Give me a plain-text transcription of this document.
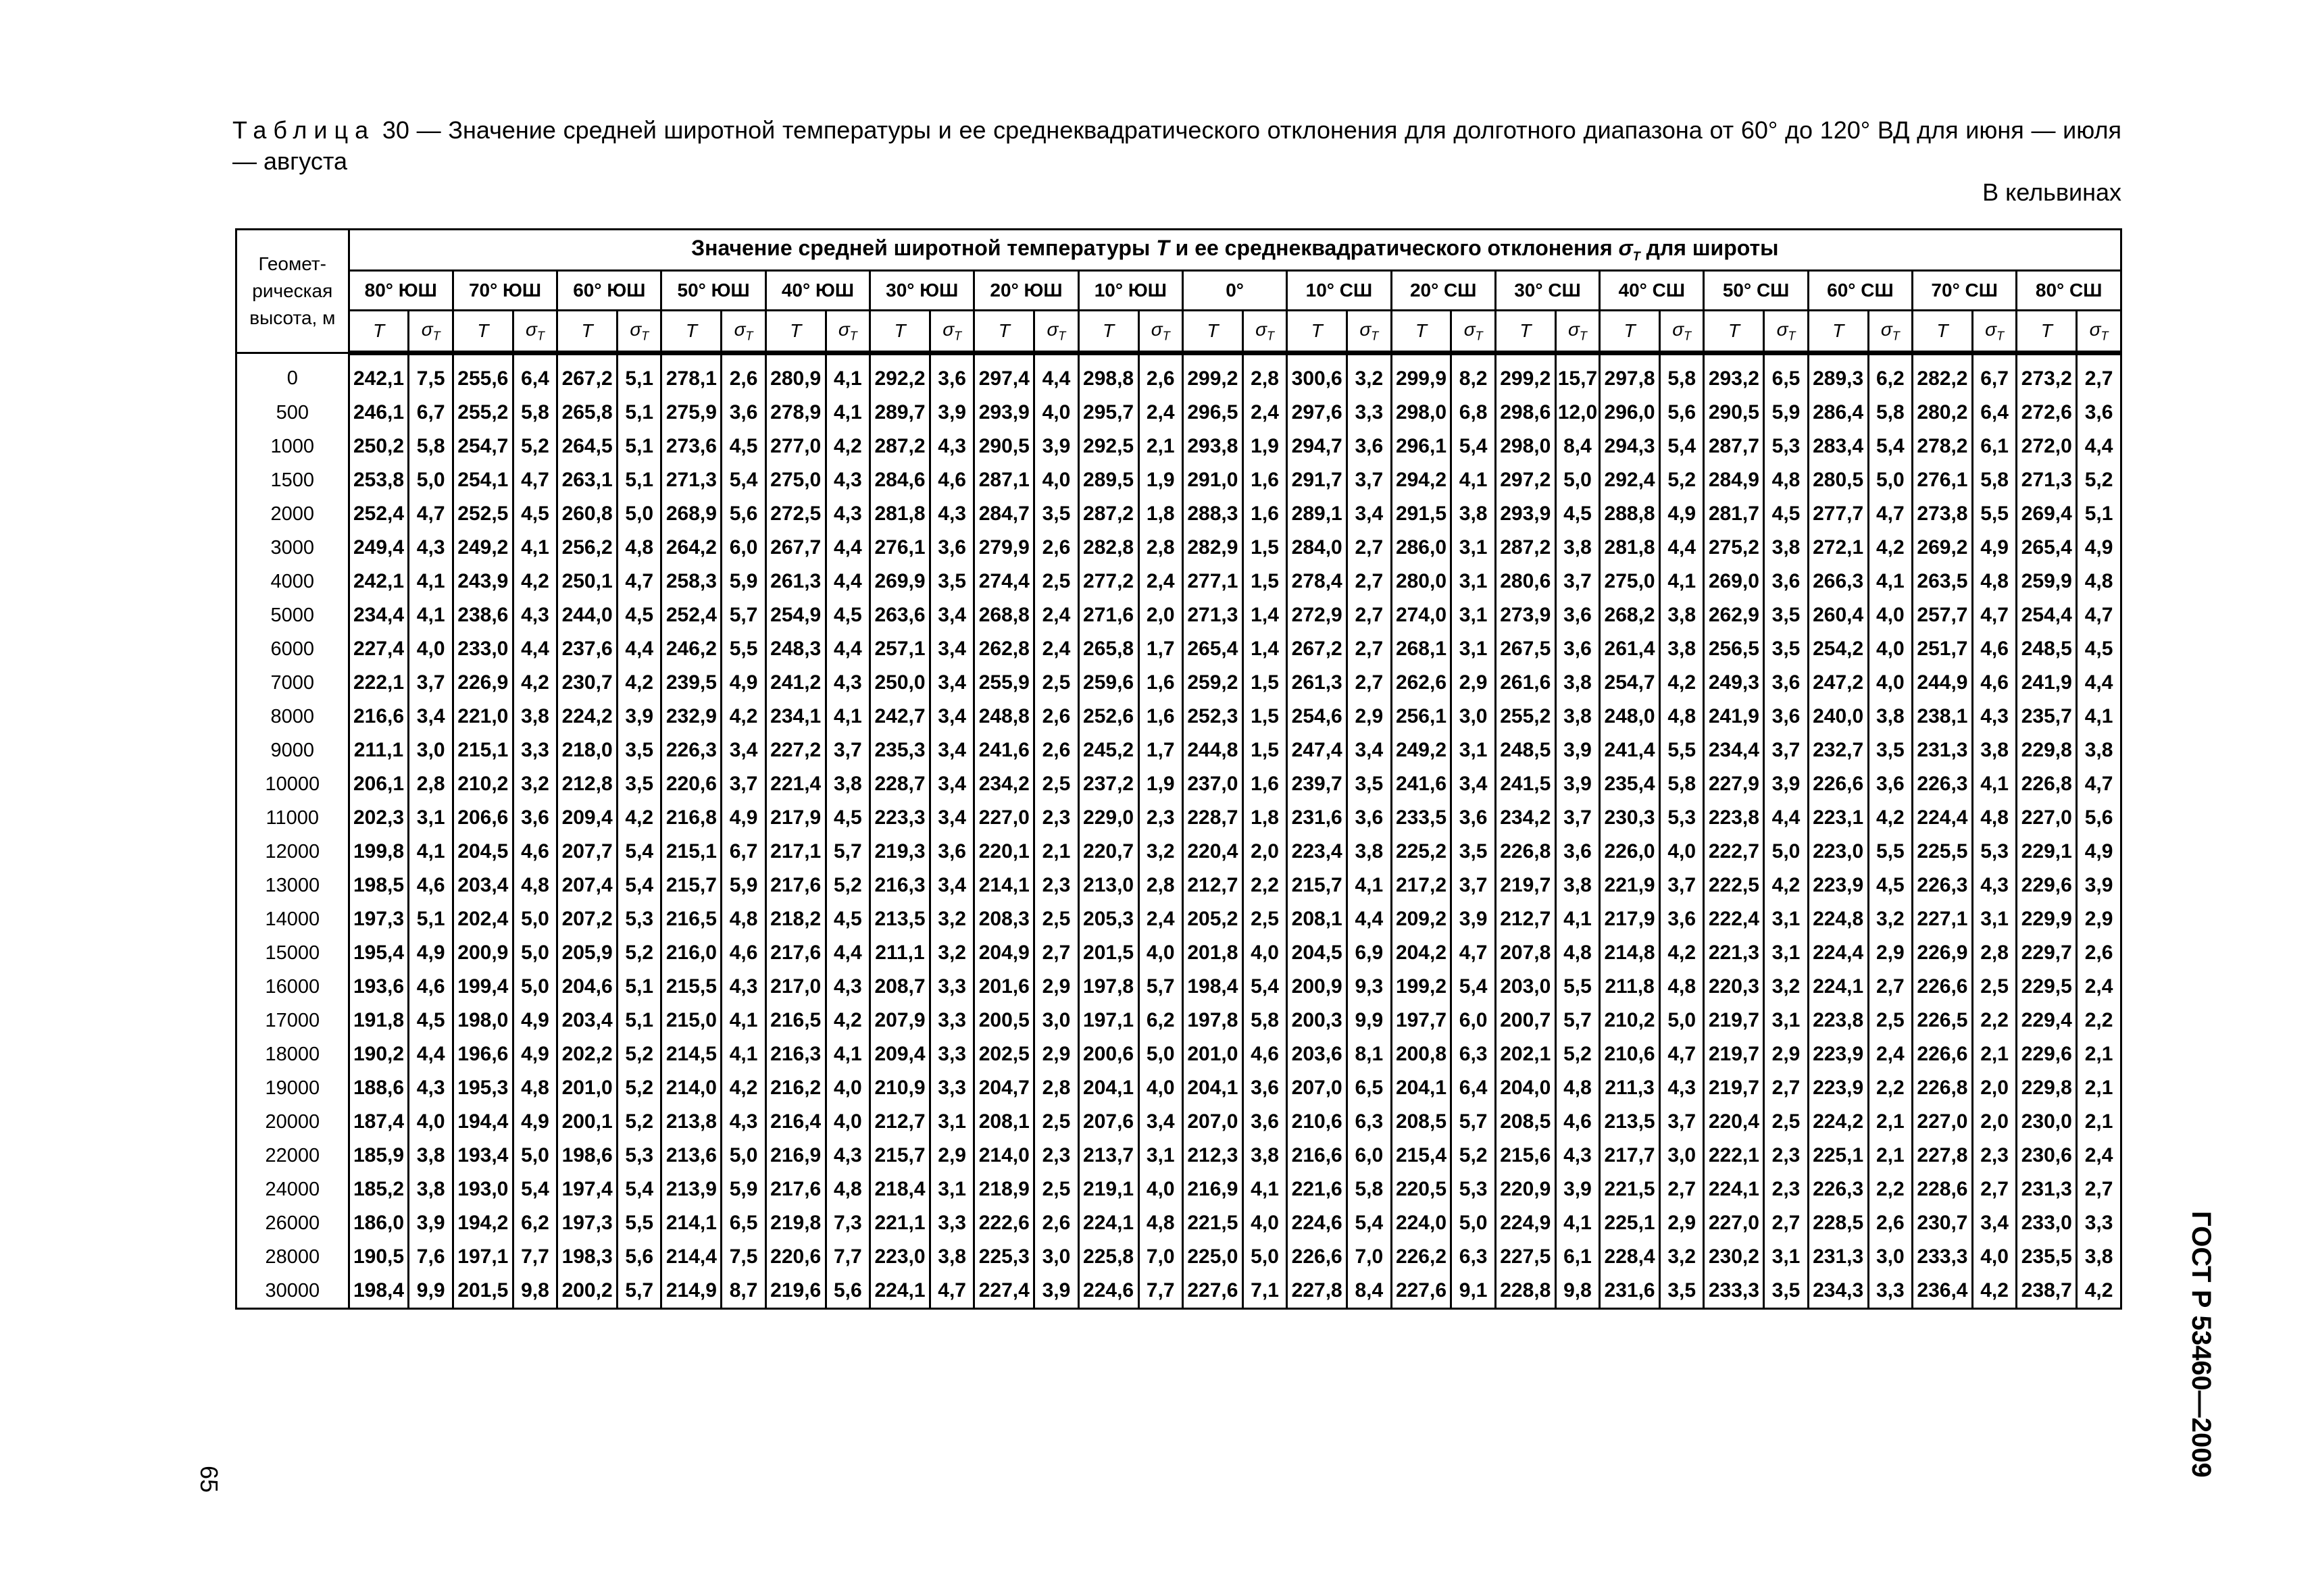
Таблица 30 — Значение средней широтной температуры и ее среднеквадратического отклонения для долготного диапазона от 60° до 120° ВД для июня — июля — августа
В кельвинах
Геомет-рическая высота, м	Значение средней широтной температуры T и ее среднеквадратического отклонения $\sigma_T$ для широты																																	
	80° ЮШ		70° ЮШ		60° ЮШ		50° ЮШ		40° ЮШ		30° ЮШ		20° ЮШ		10° ЮШ		0°		10° СШ		20° СШ		30° СШ		40° СШ		50° СШ		60° СШ		70° СШ		80° СШ	
	T	$\sigma_T$	T	$\sigma_T$	T	$\sigma_T$	T	$\sigma_T$	T	$\sigma_T$	T	$\sigma_T$	T	$\sigma_T$	T	$\sigma_T$	T	$\sigma_T$	T	$\sigma_T$	T	$\sigma_T$	T	$\sigma_T$	T	$\sigma_T$	T	$\sigma_T$	T	$\sigma_T$	T	$\sigma_T$	T	$\sigma_T$
0	242,1	7,5	255,6	6,4	267,2	5,1	278,1	2,6	280,9	4,1	292,2	3,6	297,4	4,4	298,8	2,6	299,2	2,8	300,6	3,2	299,9	8,2	299,2	15,7	297,8	5,8	293,2	6,5	289,3	6,2	282,2	6,7	273,2	2,7
500	246,1	6,7	255,2	5,8	265,8	5,1	275,9	3,6	278,9	4,1	289,7	3,9	293,9	4,0	295,7	2,4	296,5	2,4	297,6	3,3	298,0	6,8	298,6	12,0	296,0	5,6	290,5	5,9	286,4	5,8	280,2	6,4	272,6	3,6
1000	250,2	5,8	254,7	5,2	264,5	5,1	273,6	4,5	277,0	4,2	287,2	4,3	290,5	3,9	292,5	2,1	293,8	1,9	294,7	3,6	296,1	5,4	298,0	8,4	294,3	5,4	287,7	5,3	283,4	5,4	278,2	6,1	272,0	4,4
1500	253,8	5,0	254,1	4,7	263,1	5,1	271,3	5,4	275,0	4,3	284,6	4,6	287,1	4,0	289,5	1,9	291,0	1,6	291,7	3,7	294,2	4,1	297,2	5,0	292,4	5,2	284,9	4,8	280,5	5,0	276,1	5,8	271,3	5,2
2000	252,4	4,7	252,5	4,5	260,8	5,0	268,9	5,6	272,5	4,3	281,8	4,3	284,7	3,5	287,2	1,8	288,3	1,6	289,1	3,4	291,5	3,8	293,9	4,5	288,8	4,9	281,7	4,5	277,7	4,7	273,8	5,5	269,4	5,1
3000	249,4	4,3	249,2	4,1	256,2	4,8	264,2	6,0	267,7	4,4	276,1	3,6	279,9	2,6	282,8	2,8	282,9	1,5	284,0	2,7	286,0	3,1	287,2	3,8	281,8	4,4	275,2	3,8	272,1	4,2	269,2	4,9	265,4	4,9
4000	242,1	4,1	243,9	4,2	250,1	4,7	258,3	5,9	261,3	4,4	269,9	3,5	274,4	2,5	277,2	2,4	277,1	1,5	278,4	2,7	280,0	3,1	280,6	3,7	275,0	4,1	269,0	3,6	266,3	4,1	263,5	4,8	259,9	4,8
5000	234,4	4,1	238,6	4,3	244,0	4,5	252,4	5,7	254,9	4,5	263,6	3,4	268,8	2,4	271,6	2,0	271,3	1,4	272,9	2,7	274,0	3,1	273,9	3,6	268,2	3,8	262,9	3,5	260,4	4,0	257,7	4,7	254,4	4,7
6000	227,4	4,0	233,0	4,4	237,6	4,4	246,2	5,5	248,3	4,4	257,1	3,4	262,8	2,4	265,8	1,7	265,4	1,4	267,2	2,7	268,1	3,1	267,5	3,6	261,4	3,8	256,5	3,5	254,2	4,0	251,7	4,6	248,5	4,5
7000	222,1	3,7	226,9	4,2	230,7	4,2	239,5	4,9	241,2	4,3	250,0	3,4	255,9	2,5	259,6	1,6	259,2	1,5	261,3	2,7	262,6	2,9	261,6	3,8	254,7	4,2	249,3	3,6	247,2	4,0	244,9	4,6	241,9	4,4
8000	216,6	3,4	221,0	3,8	224,2	3,9	232,9	4,2	234,1	4,1	242,7	3,4	248,8	2,6	252,6	1,6	252,3	1,5	254,6	2,9	256,1	3,0	255,2	3,8	248,0	4,8	241,9	3,6	240,0	3,8	238,1	4,3	235,7	4,1
9000	211,1	3,0	215,1	3,3	218,0	3,5	226,3	3,4	227,2	3,7	235,3	3,4	241,6	2,6	245,2	1,7	244,8	1,5	247,4	3,4	249,2	3,1	248,5	3,9	241,4	5,5	234,4	3,7	232,7	3,5	231,3	3,8	229,8	3,8
10000	206,1	2,8	210,2	3,2	212,8	3,5	220,6	3,7	221,4	3,8	228,7	3,4	234,2	2,5	237,2	1,9	237,0	1,6	239,7	3,5	241,6	3,4	241,5	3,9	235,4	5,8	227,9	3,9	226,6	3,6	226,3	4,1	226,8	4,7
11000	202,3	3,1	206,6	3,6	209,4	4,2	216,8	4,9	217,9	4,5	223,3	3,4	227,0	2,3	229,0	2,3	228,7	1,8	231,6	3,6	233,5	3,6	234,2	3,7	230,3	5,3	223,8	4,4	223,1	4,2	224,4	4,8	227,0	5,6
12000	199,8	4,1	204,5	4,6	207,7	5,4	215,1	6,7	217,1	5,7	219,3	3,6	220,1	2,1	220,7	3,2	220,4	2,0	223,4	3,8	225,2	3,5	226,8	3,6	226,0	4,0	222,7	5,0	223,0	5,5	225,5	5,3	229,1	4,9
13000	198,5	4,6	203,4	4,8	207,4	5,4	215,7	5,9	217,6	5,2	216,3	3,4	214,1	2,3	213,0	2,8	212,7	2,2	215,7	4,1	217,2	3,7	219,7	3,8	221,9	3,7	222,5	4,2	223,9	4,5	226,3	4,3	229,6	3,9
14000	197,3	5,1	202,4	5,0	207,2	5,3	216,5	4,8	218,2	4,5	213,5	3,2	208,3	2,5	205,3	2,4	205,2	2,5	208,1	4,4	209,2	3,9	212,7	4,1	217,9	3,6	222,4	3,1	224,8	3,2	227,1	3,1	229,9	2,9
15000	195,4	4,9	200,9	5,0	205,9	5,2	216,0	4,6	217,6	4,4	211,1	3,2	204,9	2,7	201,5	4,0	201,8	4,0	204,5	6,9	204,2	4,7	207,8	4,8	214,8	4,2	221,3	3,1	224,4	2,9	226,9	2,8	229,7	2,6
16000	193,6	4,6	199,4	5,0	204,6	5,1	215,5	4,3	217,0	4,3	208,7	3,3	201,6	2,9	197,8	5,7	198,4	5,4	200,9	9,3	199,2	5,4	203,0	5,5	211,8	4,8	220,3	3,2	224,1	2,7	226,6	2,5	229,5	2,4
17000	191,8	4,5	198,0	4,9	203,4	5,1	215,0	4,1	216,5	4,2	207,9	3,3	200,5	3,0	197,1	6,2	197,8	5,8	200,3	9,9	197,7	6,0	200,7	5,7	210,2	5,0	219,7	3,1	223,8	2,5	226,5	2,2	229,4	2,2
18000	190,2	4,4	196,6	4,9	202,2	5,2	214,5	4,1	216,3	4,1	209,4	3,3	202,5	2,9	200,6	5,0	201,0	4,6	203,6	8,1	200,8	6,3	202,1	5,2	210,6	4,7	219,7	2,9	223,9	2,4	226,6	2,1	229,6	2,1
19000	188,6	4,3	195,3	4,8	201,0	5,2	214,0	4,2	216,2	4,0	210,9	3,3	204,7	2,8	204,1	4,0	204,1	3,6	207,0	6,5	204,1	6,4	204,0	4,8	211,3	4,3	219,7	2,7	223,9	2,2	226,8	2,0	229,8	2,1
20000	187,4	4,0	194,4	4,9	200,1	5,2	213,8	4,3	216,4	4,0	212,7	3,1	208,1	2,5	207,6	3,4	207,0	3,6	210,6	6,3	208,5	5,7	208,5	4,6	213,5	3,7	220,4	2,5	224,2	2,1	227,0	2,0	230,0	2,1
22000	185,9	3,8	193,4	5,0	198,6	5,3	213,6	5,0	216,9	4,3	215,7	2,9	214,0	2,3	213,7	3,1	212,3	3,8	216,6	6,0	215,4	5,2	215,6	4,3	217,7	3,0	222,1	2,3	225,1	2,1	227,8	2,3	230,6	2,4
24000	185,2	3,8	193,0	5,4	197,4	5,4	213,9	5,9	217,6	4,8	218,4	3,1	218,9	2,5	219,1	4,0	216,9	4,1	221,6	5,8	220,5	5,3	220,9	3,9	221,5	2,7	224,1	2,3	226,3	2,2	228,6	2,7	231,3	2,7
26000	186,0	3,9	194,2	6,2	197,3	5,5	214,1	6,5	219,8	7,3	221,1	3,3	222,6	2,6	224,1	4,8	221,5	4,0	224,6	5,4	224,0	5,0	224,9	4,1	225,1	2,9	227,0	2,7	228,5	2,6	230,7	3,4	233,0	3,3
28000	190,5	7,6	197,1	7,7	198,3	5,6	214,4	7,5	220,6	7,7	223,0	3,8	225,3	3,0	225,8	7,0	225,0	5,0	226,6	7,0	226,2	6,3	227,5	6,1	228,4	3,2	230,2	3,1	231,3	3,0	233,3	4,0	235,5	3,8
30000	198,4	9,9	201,5	9,8	200,2	5,7	214,9	8,7	219,6	5,6	224,1	4,7	227,4	3,9	224,6	7,7	227,6	7,1	227,8	8,4	227,6	9,1	228,8	9,8	231,6	3,5	233,3	3,5	234,3	3,3	236,4	4,2	238,7	4,2	ГОСТ Р 53460—2009
65
